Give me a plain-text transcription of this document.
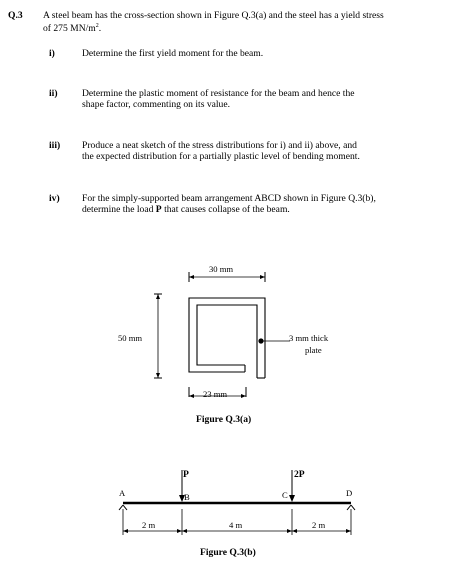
Q.3 A steel beam has the cross-section shown in Figure Q.3(a) and the steel has a yield stress
of 275 $MN/m^2$.
i)	Determine the first yield moment for the beam.
ii)	Determine the plastic moment of resistance for the beam and hence the
shape factor, commenting on its value.
iii) Produce a neat sketch of the stress distributions for i) and ii) above, and
the expected distribution for a partially plastic level of bending moment.
iv) For the simply-supported beam arrangement ABCD shown in Figure Q.3(b),
determine the load P that causes collapse of the beam.
30 mm
50 mm
23 mm
3 mm thick
plate
Figure Q.3(a)
P	2P
A	B	C	D
2 m	4 m	2 m
Figure Q.3(b)
